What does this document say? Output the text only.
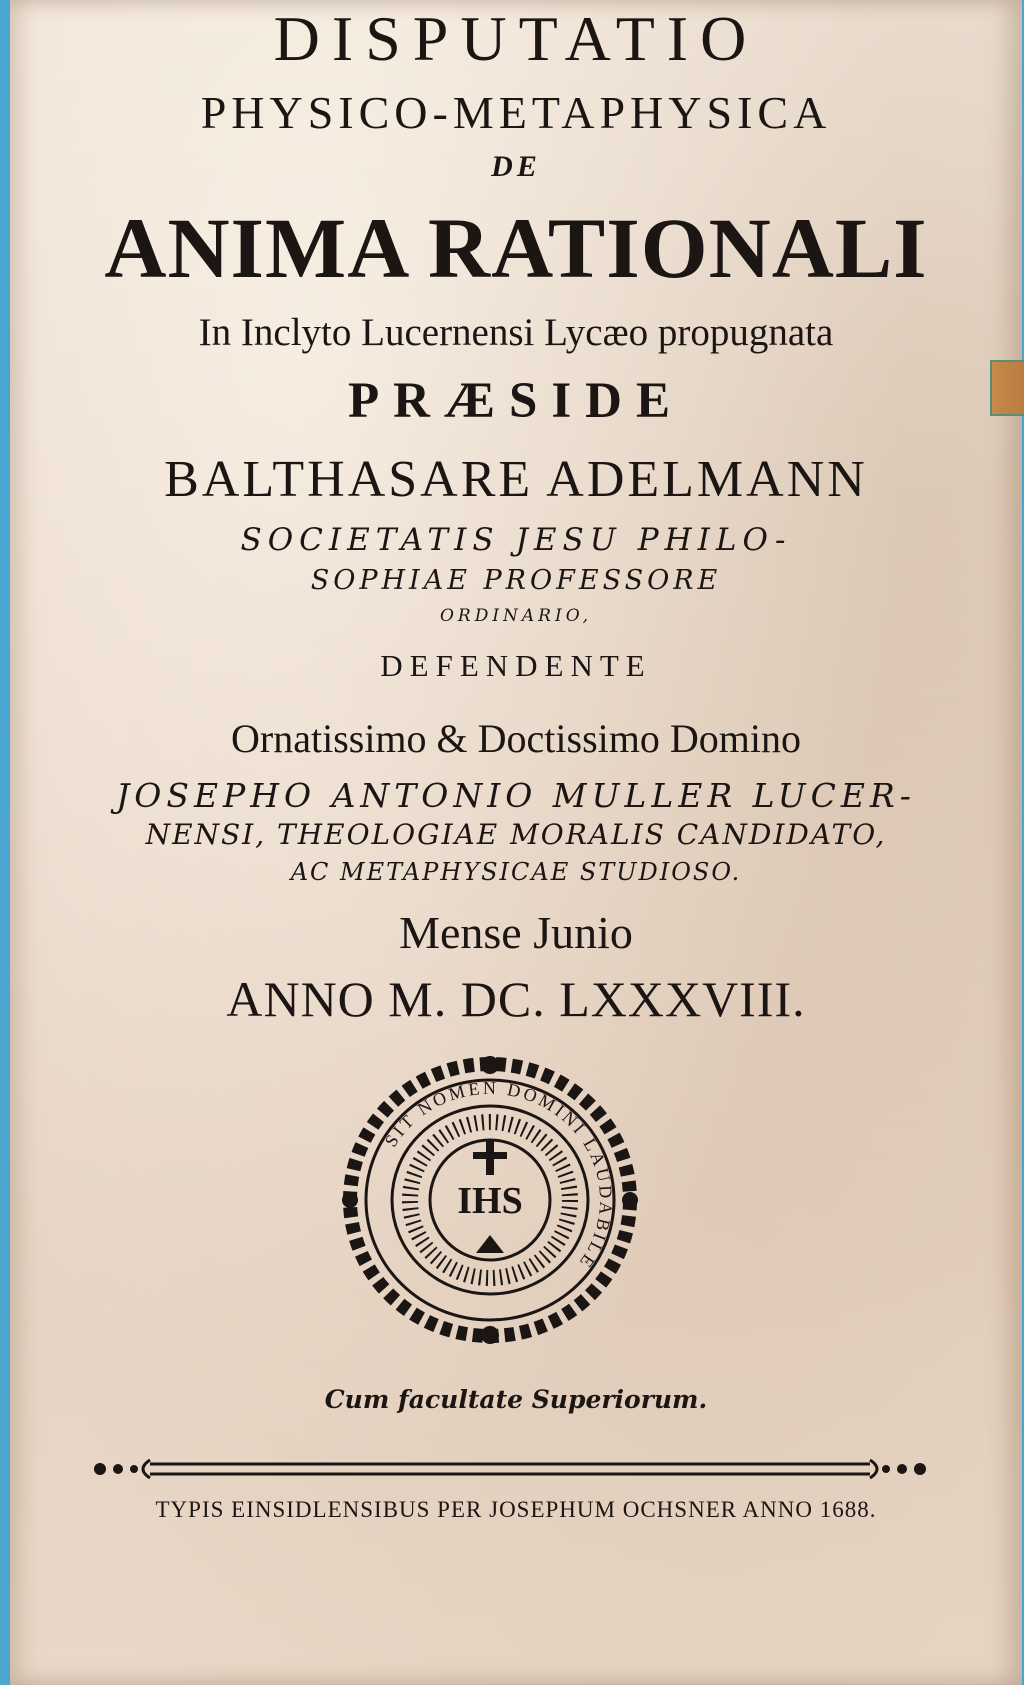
DISPUTATIO
PHYSICO-METAPHYSICA
DE
ANIMA RATIONALI
In Inclyto Lucernensi Lycæo propugnata
PRÆSIDE
BALTHASARE ADELMANN
SOCIETATIS JESU PHILO-
SOPHIAE PROFESSORE
ORDINARIO,
DEFENDENTE
Ornatissimo & Doctissimo Domino
JOSEPHO ANTONIO MULLER LUCER-
NENSI, THEOLOGIAE MORALIS CANDIDATO,
AC METAPHYSICAE STUDIOSO.
Mense Junio
ANNO M. DC. LXXXVIII.
SIT NOMEN DOMINI LAUDABILE
IHS
Cum facultate Superiorum.
TYPIS EINSIDLENSIBUS PER JOSEPHUM OCHSNER ANNO 1688.
